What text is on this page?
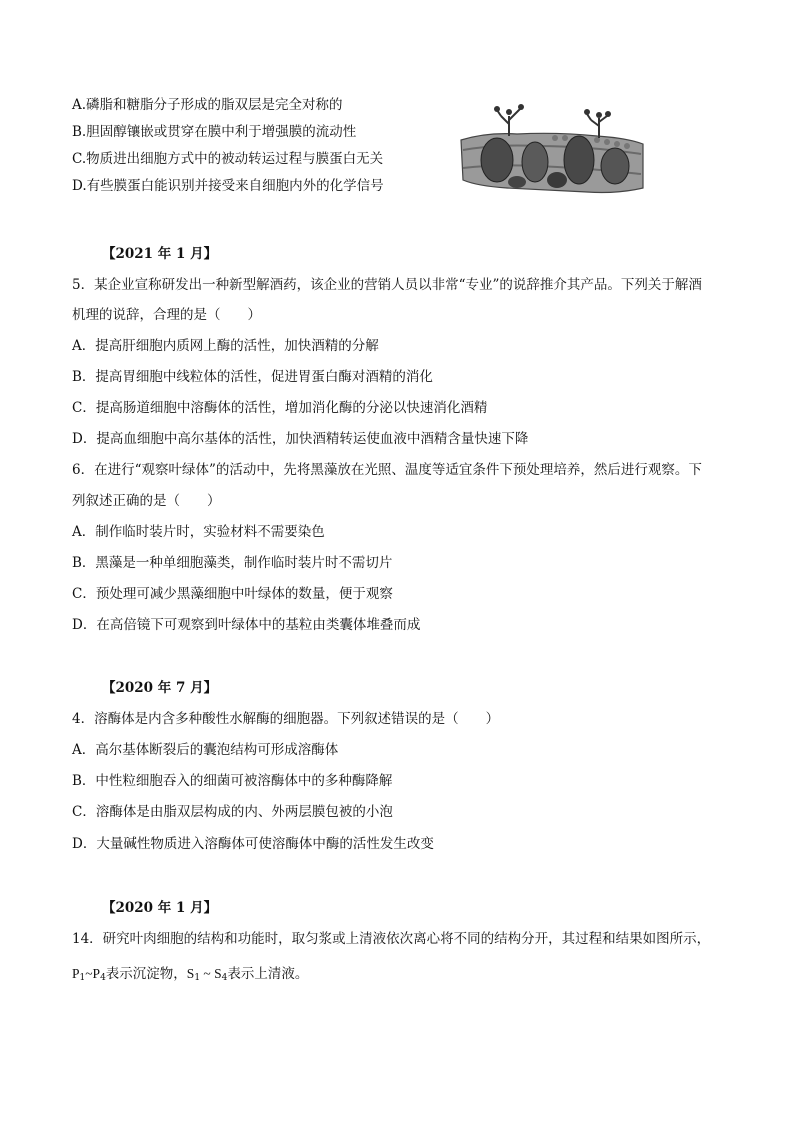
A.磷脂和糖脂分子形成的脂双层是完全对称的
B.胆固醇镶嵌或贯穿在膜中利于增强膜的流动性
C.物质进出细胞方式中的被动转运过程与膜蛋白无关
D.有些膜蛋白能识别并接受来自细胞内外的化学信号
【2021 年 1 月】
5．某企业宣称研发出一种新型解酒药，该企业的营销人员以非常“专业”的说辞推介其产品。下列关于解酒
机理的说辞，合理的是（　　）
A．提高肝细胞内质网上酶的活性，加快酒精的分解
B．提高胃细胞中线粒体的活性，促进胃蛋白酶对酒精的消化
C．提高肠道细胞中溶酶体的活性，增加消化酶的分泌以快速消化酒精
D．提高血细胞中高尔基体的活性，加快酒精转运使血液中酒精含量快速下降
6．在进行“观察叶绿体”的活动中，先将黑藻放在光照、温度等适宜条件下预处理培养，然后进行观察。下
列叙述正确的是（　　）
A．制作临时装片时，实验材料不需要染色
B．黑藻是一种单细胞藻类，制作临时装片时不需切片
C．预处理可减少黑藻细胞中叶绿体的数量，便于观察
D．在高倍镜下可观察到叶绿体中的基粒由类囊体堆叠而成
【2020 年 7 月】
4．溶酶体是内含多种酸性水解酶的细胞器。下列叙述错误的是（　　）
A．高尔基体断裂后的囊泡结构可形成溶酶体
B．中性粒细胞吞入的细菌可被溶酶体中的多种酶降解
C．溶酶体是由脂双层构成的内、外两层膜包被的小泡
D．大量碱性物质进入溶酶体可使溶酶体中酶的活性发生改变
【2020 年 1 月】
14．研究叶肉细胞的结构和功能时，取匀浆或上清液依次离心将不同的结构分开，其过程和结果如图所示，
$P_1\sim P_4$表示沉淀物，$S_1$ ~ $S_4$表示上清液。
